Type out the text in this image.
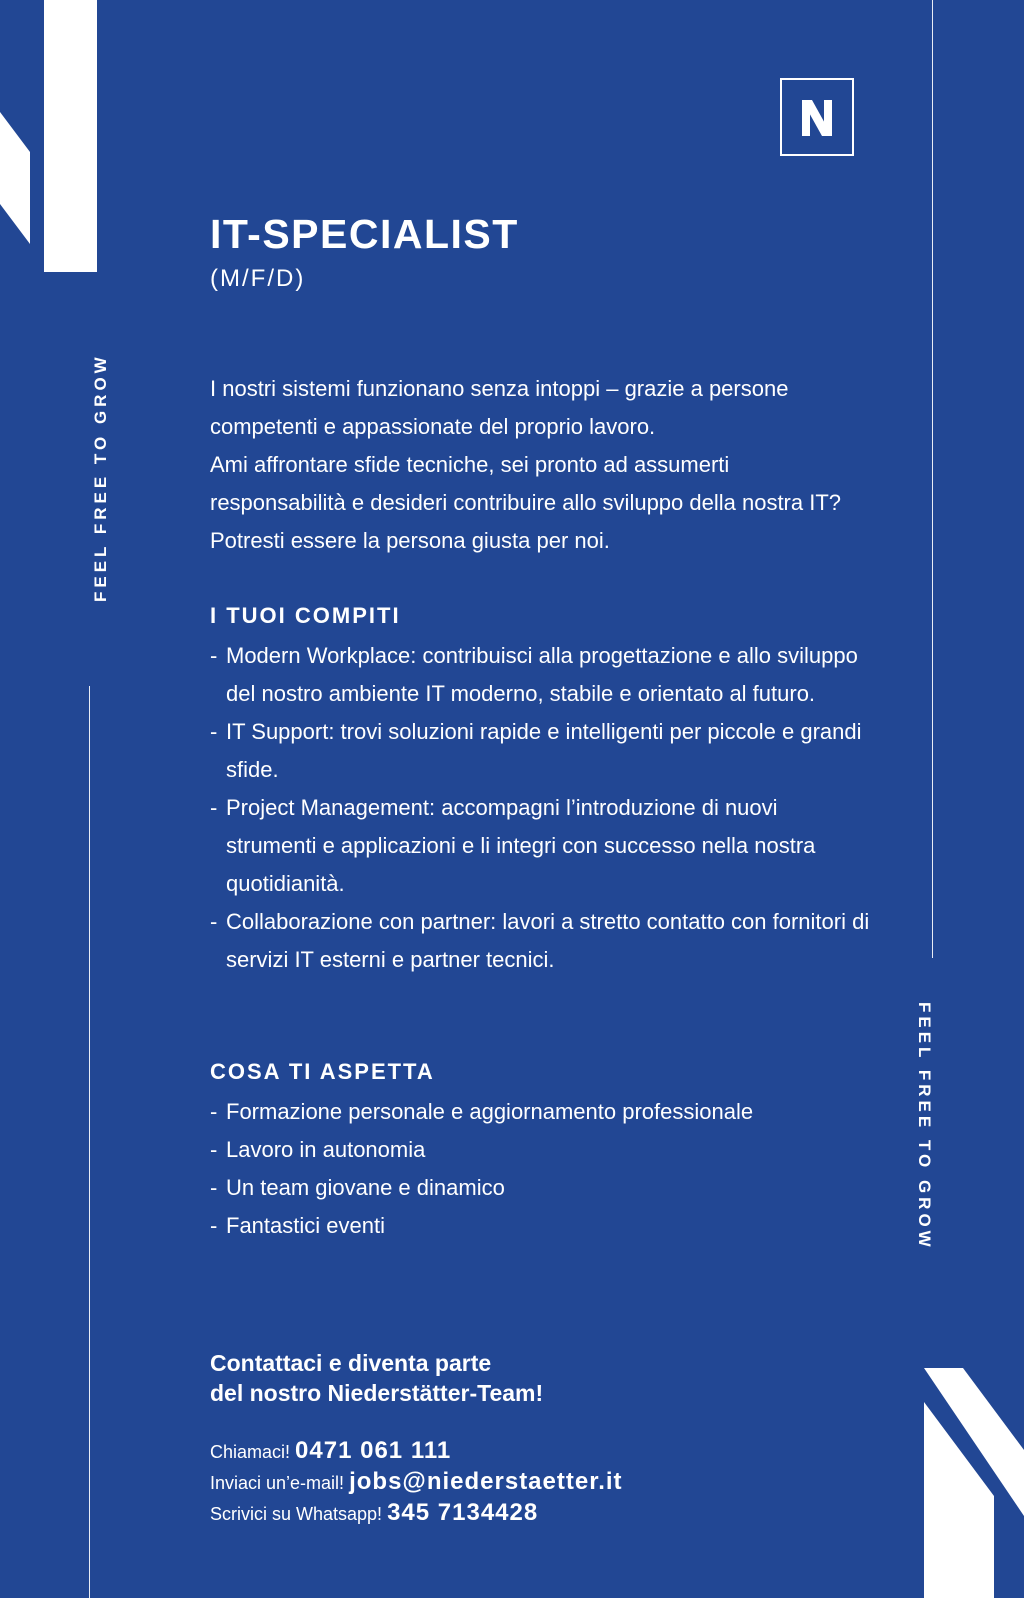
FEEL FREE TO GROW
FEEL FREE TO GROW
IT-SPECIALIST
(M/F/D)

I nostri sistemi funzionano senza intoppi – grazie a persone competenti e appassionate del proprio lavoro.

Ami affrontare sfide tecniche, sei pronto ad assumerti responsabilità e desideri contribuire allo sviluppo della nostra IT? Potresti essere la persona giusta per noi.

I TUOI COMPITI
- Modern Workplace: contribuisci alla progettazione e allo sviluppo del nostro ambiente IT moderno, stabile e orientato al futuro.
- IT Support: trovi soluzioni rapide e intelligenti per piccole e grandi sfide.
- Project Management: accompagni l’introduzione di nuovi strumenti e applicazioni e li integri con successo nella nostra quotidianità.
- Collaborazione con partner: lavori a stretto contatto con fornitori di servizi IT esterni e partner tecnici.
COSA TI ASPETTA
- Formazione personale e aggiornamento professionale
- Lavoro in autonomia
- Un team giovane e dinamico
- Fantastici eventi
Contattaci e diventa parte
del nostro Niederstätter-Team!
Chiamaci! 0471 061 111
Inviaci un’e-mail! jobs@niederstaetter.it
Scrivici su Whatsapp! 345 7134428
